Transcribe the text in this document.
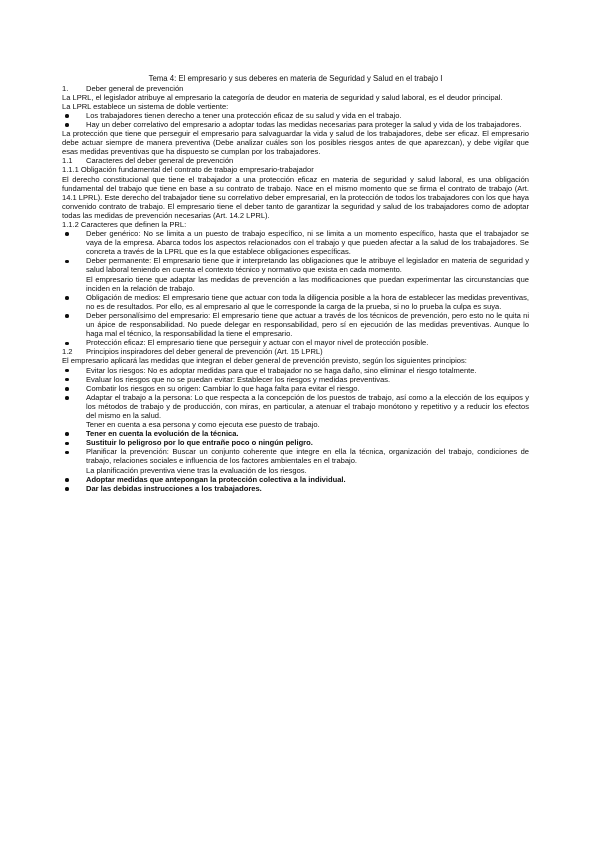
Tema 4: El empresario y sus deberes en materia de Seguridad y Salud en el trabajo I

1.	Deber general de prevención

La LPRL, el legislador atribuye al empresario la categoría de deudor en materia de seguridad y salud laboral, es el deudor principal.

La LPRL establece un sistema de doble vertiente:

Los trabajadores tienen derecho a tener una protección eficaz de su salud y vida en el trabajo.
Hay un deber correlativo del empresario a adoptar todas las medidas necesarias para proteger la salud y vida de los trabajadores.

La protección que tiene que perseguir el empresario para salvaguardar la vida y salud de los trabajadores, debe ser eficaz. El empresario debe actuar siempre de manera preventiva (Debe analizar cuáles son los posibles riesgos antes de que aparezcan), y debe vigilar que esas medidas preventivas que ha dispuesto se cumplan por los trabajadores.

1.1	Caracteres del deber general de prevención

1.1.1 Obligación fundamental del contrato de trabajo empresario-trabajador

El derecho constitucional que tiene el trabajador a una protección eficaz en materia de seguridad y salud laboral, es una obligación fundamental del trabajo que tiene en base a su contrato de trabajo. Nace en el mismo momento que se firma el contrato de trabajo (Art. 14.1 LPRL). Este derecho del trabajador tiene su correlativo deber empresarial, en la protección de todos los trabajadores con los que haya convenido contrato de trabajo. El empresario tiene el deber tanto de garantizar la seguridad y salud de los trabajadores como de adoptar todas las medidas de prevención necesarias (Art. 14.2 LPRL).

1.1.2 Caracteres que definen la PRL:

Deber genérico: No se limita a un puesto de trabajo específico, ni se limita a un momento específico, hasta que el trabajador se vaya de la empresa. Abarca todos los aspectos relacionados con el trabajo y que pueden afectar a la salud de los trabajadores. Se concreta a través de la LPRL que es la que establece obligaciones específicas.
Deber permanente: El empresario tiene que ir interpretando las obligaciones que le atribuye el legislador en materia de seguridad y salud laboral teniendo en cuenta el contexto técnico y normativo que exista en cada momento.
El empresario tiene que adaptar las medidas de prevención a las modificaciones que puedan experimentar las circunstancias que inciden en la relación de trabajo.
Obligación de medios: El empresario tiene que actuar con toda la diligencia posible a la hora de establecer las medidas preventivas, no es de resultados. Por ello, es al empresario al que le corresponde la carga de la prueba, si no lo prueba la culpa es suya.
Deber personalísimo del empresario: El empresario tiene que actuar a través de los técnicos de prevención, pero esto no le quita ni un ápice de responsabilidad. No puede delegar en responsabilidad, pero sí en ejecución de las medidas preventivas. Aunque lo haga mal el técnico, la responsabilidad la tiene el empresario.
Protección eficaz: El empresario tiene que perseguir y actuar con el mayor nivel de protección posible.
1.2	Principios inspiradores del deber general de prevención (Art. 15 LPRL)

El empresario aplicará las medidas que integran el deber general de prevención previsto, según los siguientes principios:

Evitar los riesgos: No es adoptar medidas para que el trabajador no se haga daño, sino eliminar el riesgo totalmente.
Evaluar los riesgos que no se puedan evitar: Establecer los riesgos y medidas preventivas.
Combatir los riesgos en su origen: Cambiar lo que haga falta para evitar el riesgo.
Adaptar el trabajo a la persona: Lo que respecta a la concepción de los puestos de trabajo, así como a la elección de los equipos y los métodos de trabajo y de producción, con miras, en particular, a atenuar el trabajo monótono y repetitivo y a reducir los efectos del mismo en la salud.
Tener en cuenta a esa persona y como ejecuta ese puesto de trabajo.
Tener en cuenta la evolución de la técnica.
Sustituir lo peligroso por lo que entrañe poco o ningún peligro.
Planificar la prevención: Buscar un conjunto coherente que integre en ella la técnica, organización del trabajo, condiciones de trabajo, relaciones sociales e influencia de los factores ambientales en el trabajo.
La planificación preventiva viene tras la evaluación de los riesgos.
Adoptar medidas que antepongan la protección colectiva a la individual.
Dar las debidas instrucciones a los trabajadores.
